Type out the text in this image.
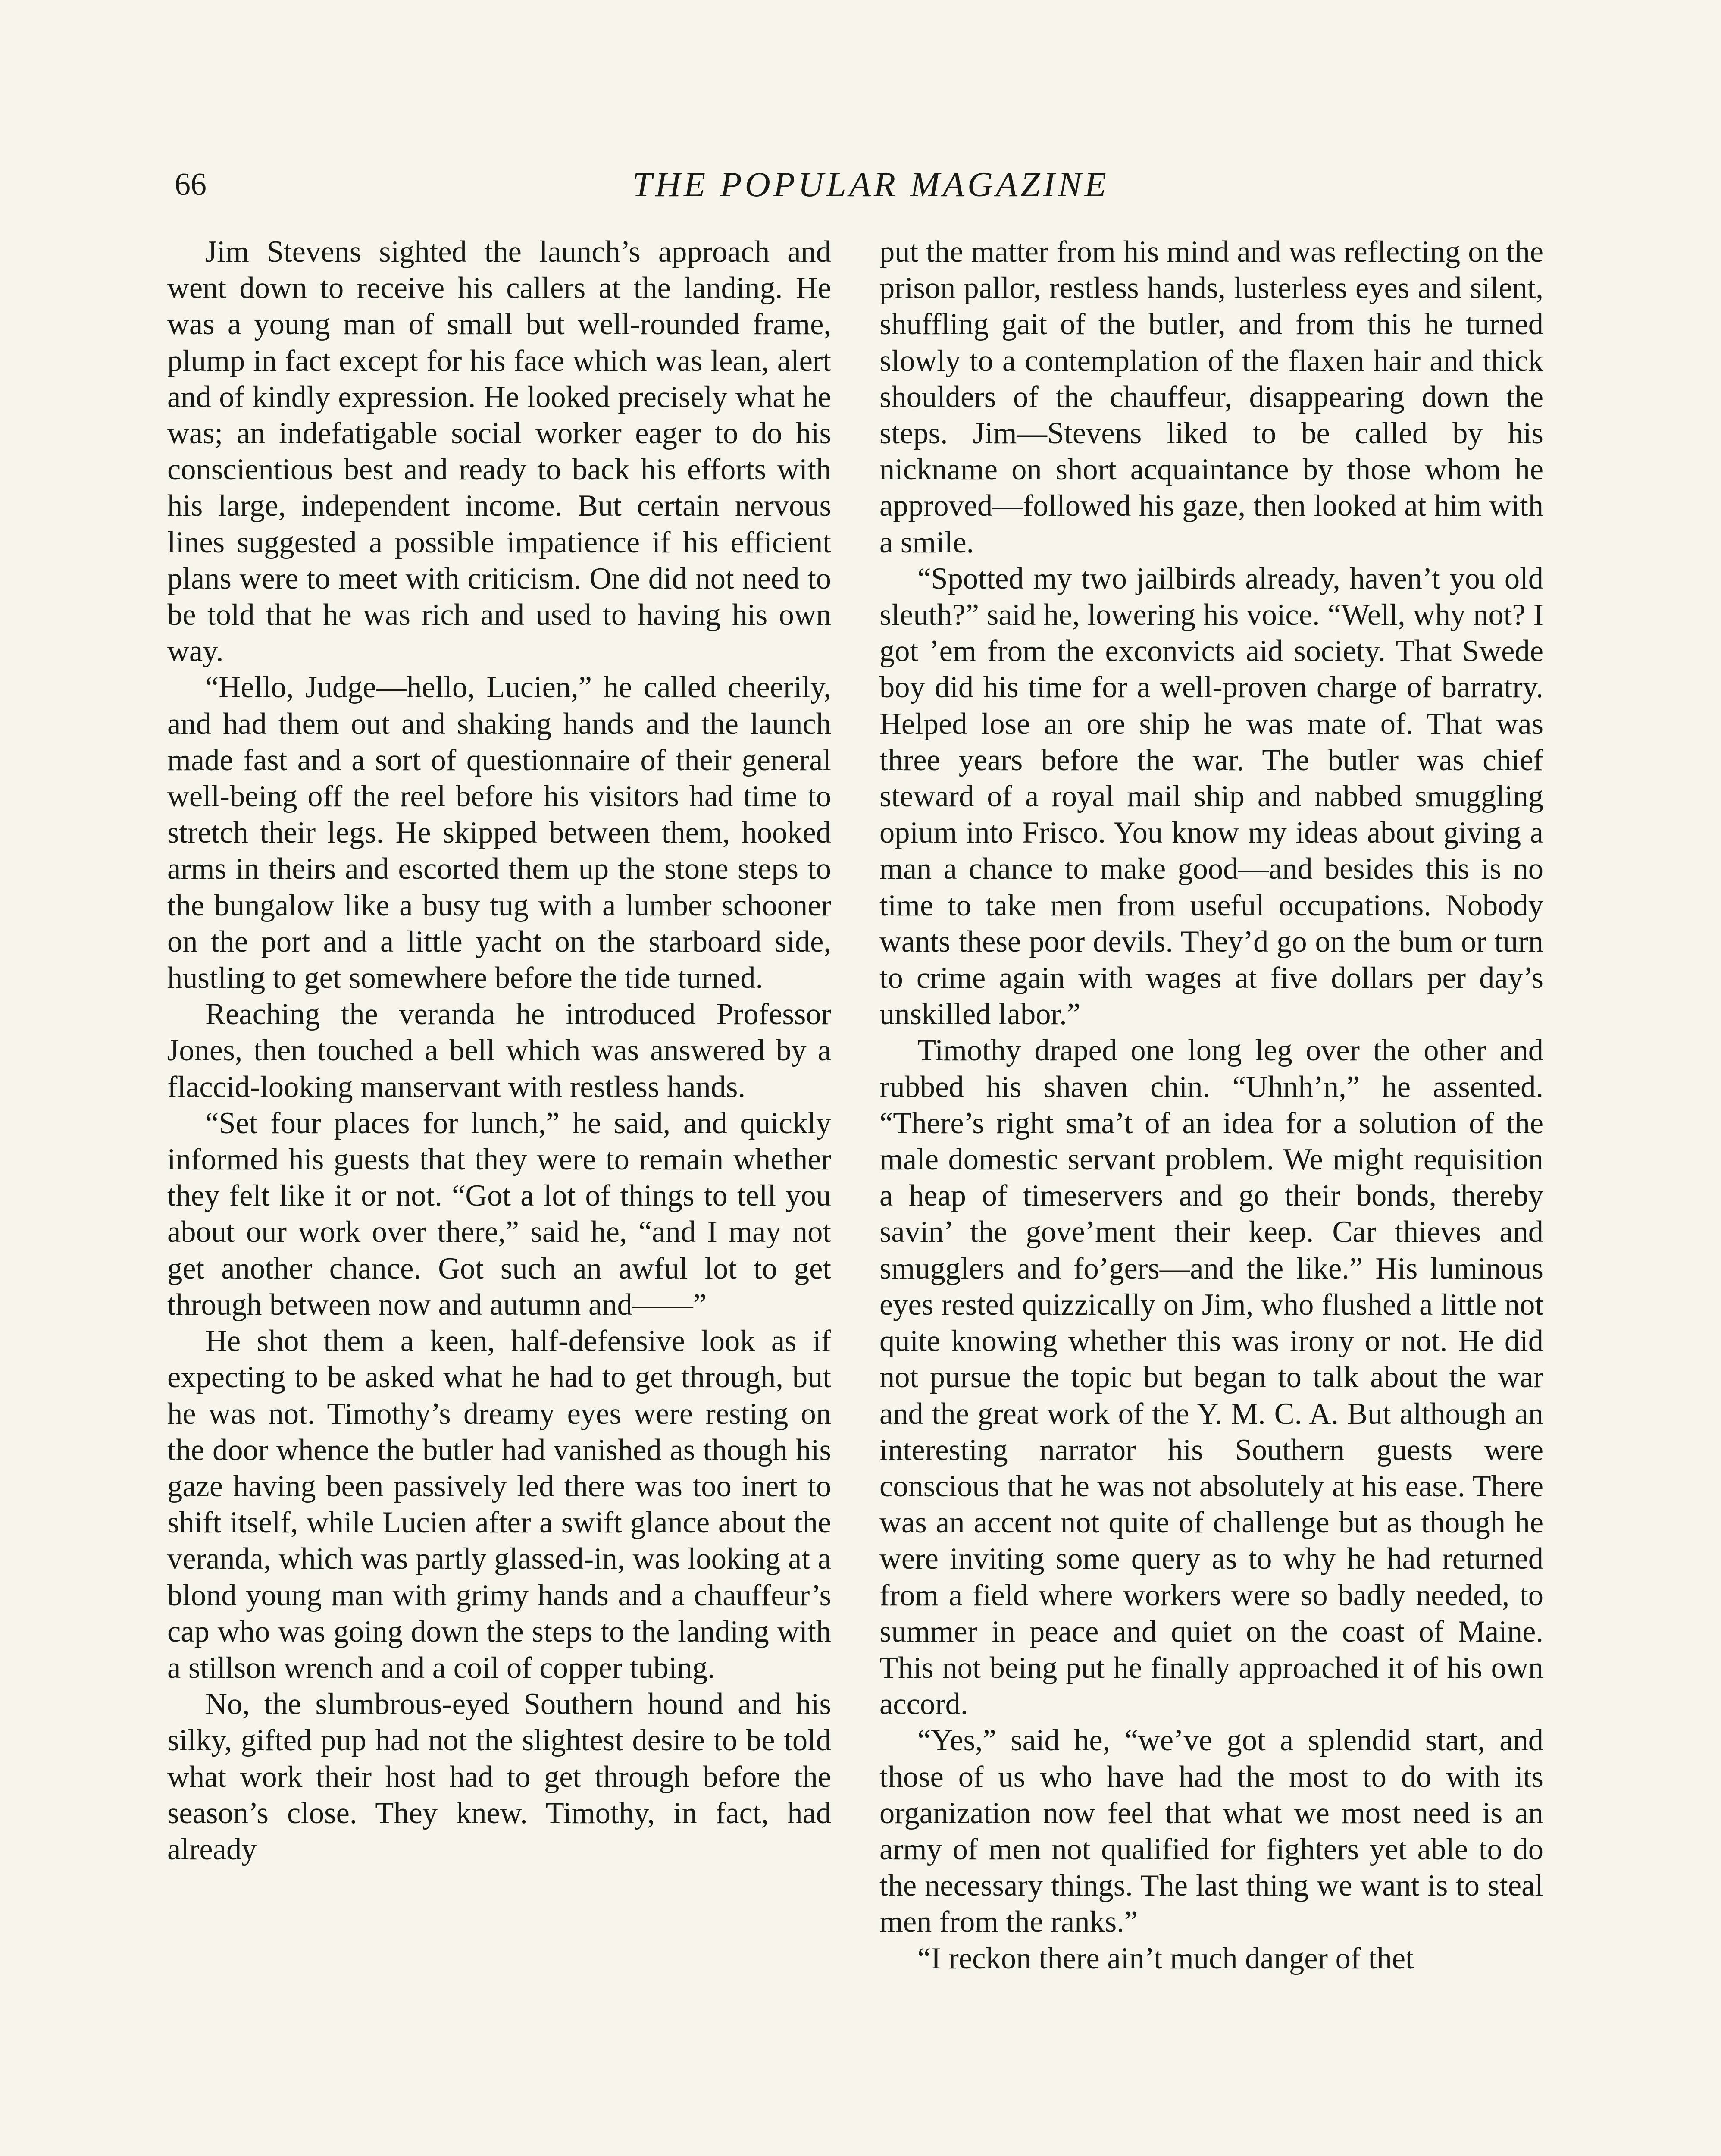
66	THE POPULAR MAGAZINE

Jim Stevens sighted the launch’s approach and went down to receive his callers at the landing. He was a young man of small but well-rounded frame, plump in fact except for his face which was lean, alert and of kindly expression. He looked precisely what he was; an indefatigable social worker eager to do his conscientious best and ready to back his efforts with his large, independent income. But certain nervous lines suggested a possible impatience if his efficient plans were to meet with criticism. One did not need to be told that he was rich and used to having his own way.

“Hello, Judge—hello, Lucien,” he called cheerily, and had them out and shaking hands and the launch made fast and a sort of questionnaire of their general well-being off the reel before his visitors had time to stretch their legs. He skipped between them, hooked arms in theirs and escorted them up the stone steps to the bungalow like a busy tug with a lumber schooner on the port and a little yacht on the starboard side, hustling to get somewhere before the tide turned.

Reaching the veranda he introduced Professor Jones, then touched a bell which was answered by a flaccid-looking manservant with restless hands.

“Set four places for lunch,” he said, and quickly informed his guests that they were to remain whether they felt like it or not. “Got a lot of things to tell you about our work over there,” said he, “and I may not get another chance. Got such an awful lot to get through between now and autumn and——”

He shot them a keen, half-defensive look as if expecting to be asked what he had to get through, but he was not. Timothy’s dreamy eyes were resting on the door whence the butler had vanished as though his gaze having been passively led there was too inert to shift itself, while Lucien after a swift glance about the veranda, which was partly glassed-in, was looking at a blond young man with grimy hands and a chauffeur’s cap who was going down the steps to the landing with a stillson wrench and a coil of copper tubing.

No, the slumbrous-eyed Southern hound and his silky, gifted pup had not the slightest desire to be told what work their host had to get through before the season’s close. They knew. Timothy, in fact, had already

put the matter from his mind and was reflecting on the prison pallor, restless hands, lusterless eyes and silent, shuffling gait of the butler, and from this he turned slowly to a contemplation of the flaxen hair and thick shoulders of the chauffeur, disappearing down the steps. Jim—Stevens liked to be called by his nickname on short acquaintance by those whom he approved—followed his gaze, then looked at him with a smile.

“Spotted my two jailbirds already, haven’t you old sleuth?” said he, lowering his voice. “Well, why not? I got ’em from the exconvicts aid society. That Swede boy did his time for a well-proven charge of barratry. Helped lose an ore ship he was mate of. That was three years before the war. The butler was chief steward of a royal mail ship and nabbed smuggling opium into Frisco. You know my ideas about giving a man a chance to make good—and besides this is no time to take men from useful occupations. Nobody wants these poor devils. They’d go on the bum or turn to crime again with wages at five dollars per day’s unskilled labor.”

Timothy draped one long leg over the other and rubbed his shaven chin. “Uhnh’n,” he assented. “There’s right sma’t of an idea for a solution of the male domestic servant problem. We might requisition a heap of timeservers and go their bonds, thereby savin’ the gove’ment their keep. Car thieves and smugglers and fo’gers—and the like.” His luminous eyes rested quizzically on Jim, who flushed a little not quite knowing whether this was irony or not. He did not pursue the topic but began to talk about the war and the great work of the Y. M. C. A. But although an interesting narrator his Southern guests were conscious that he was not absolutely at his ease. There was an accent not quite of challenge but as though he were inviting some query as to why he had returned from a field where workers were so badly needed, to summer in peace and quiet on the coast of Maine. This not being put he finally approached it of his own accord.

“Yes,” said he, “we’ve got a splendid start, and those of us who have had the most to do with its organization now feel that what we most need is an army of men not qualified for fighters yet able to do the necessary things. The last thing we want is to steal men from the ranks.”

“I reckon there ain’t much danger of thet
